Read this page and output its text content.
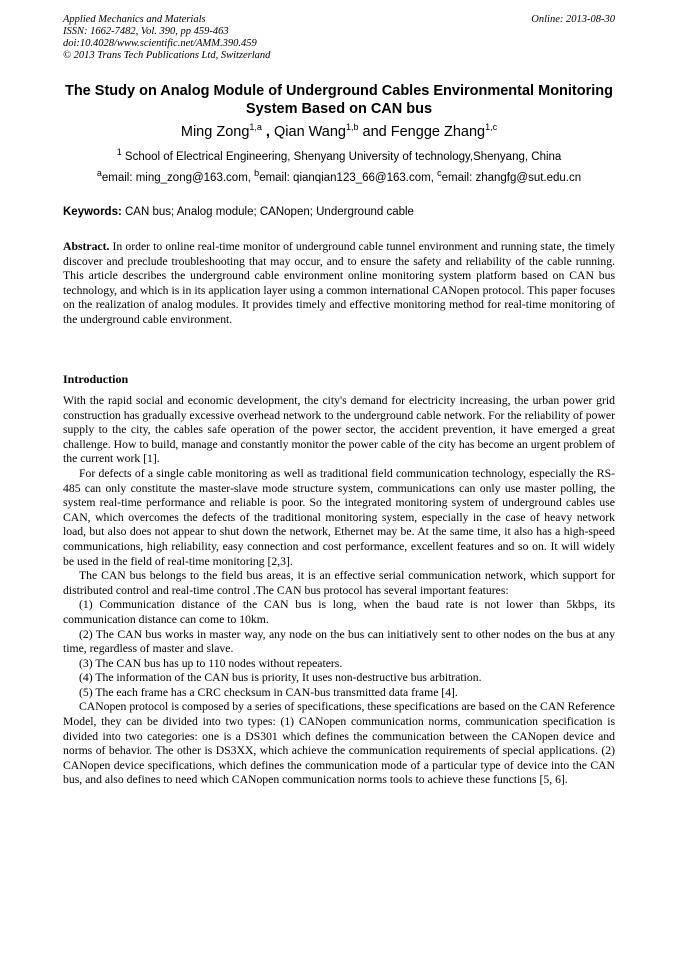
Applied Mechanics and Materials
ISSN: 1662-7482, Vol. 390, pp 459-463
doi:10.4028/www.scientific.net/AMM.390.459
© 2013 Trans Tech Publications Ltd, Switzerland
Online: 2013-08-30
The Study on Analog Module of Underground Cables Environmental Monitoring System Based on CAN bus
Ming Zong$^{1,a}$ , Qian Wang$^{1,b}$ and Fengge Zhang$^{1,c}$
$^1$ School of Electrical Engineering, Shenyang University of technology,Shenyang, China
$^a$email: ming_zong@163.com, $^b$email: qianqian123_66@163.com, $^c$email: zhangfg@sut.edu.cn
Keywords: CAN bus; Analog module; CANopen; Underground cable
Abstract. In order to online real-time monitor of underground cable tunnel environment and running state, the timely discover and preclude troubleshooting that may occur, and to ensure the safety and reliability of the cable running. This article describes the underground cable environment online monitoring system platform based on CAN bus technology, and which is in its application layer using a common international CANopen protocol. This paper focuses on the realization of analog modules. It provides timely and effective monitoring method for real-time monitoring of the underground cable environment.
Introduction

With the rapid social and economic development, the city's demand for electricity increasing, the urban power grid construction has gradually excessive overhead network to the underground cable network. For the reliability of power supply to the city, the cables safe operation of the power sector, the accident prevention, it have emerged a great challenge. How to build, manage and constantly monitor the power cable of the city has become an urgent problem of the current work [1].

For defects of a single cable monitoring as well as traditional field communication technology, especially the RS-485 can only constitute the master-slave mode structure system, communications can only use master polling, the system real-time performance and reliable is poor. So the integrated monitoring system of underground cables use CAN, which overcomes the defects of the traditional monitoring system, especially in the case of heavy network load, but also does not appear to shut down the network, Ethernet may be. At the same time, it also has a high-speed communications, high reliability, easy connection and cost performance, excellent features and so on. It will widely be used in the field of real-time monitoring [2,3].

The CAN bus belongs to the field bus areas, it is an effective serial communication network, which support for distributed control and real-time control .The CAN bus protocol has several important features:

(1) Communication distance of the CAN bus is long, when the baud rate is not lower than 5kbps, its communication distance can come to 10km.

(2) The CAN bus works in master way, any node on the bus can initiatively sent to other nodes on the bus at any time, regardless of master and slave.

(3) The CAN bus has up to 110 nodes without repeaters.

(4) The information of the CAN bus is priority, It uses non-destructive bus arbitration.

(5) The each frame has a CRC checksum in CAN-bus transmitted data frame [4].

CANopen protocol is composed by a series of specifications, these specifications are based on the CAN Reference Model, they can be divided into two types: (1) CANopen communication norms, communication specification is divided into two categories: one is a DS301 which defines the communication between the CANopen device and norms of behavior. The other is DS3XX, which achieve the communication requirements of special applications. (2) CANopen device specifications, which defines the communication mode of a particular type of device into the CAN bus, and also defines to need which CANopen communication norms tools to achieve these functions [5, 6].
